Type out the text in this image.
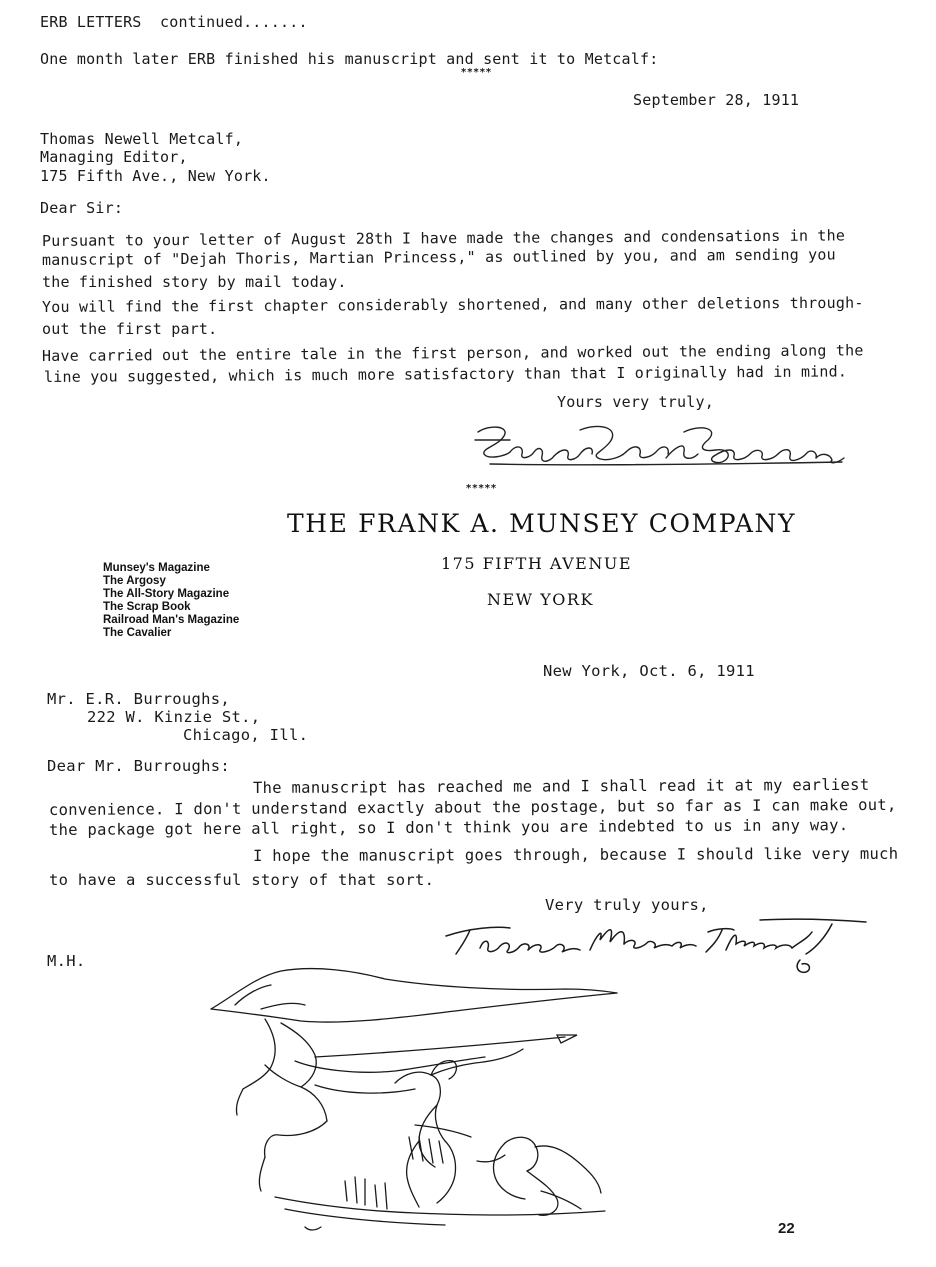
ERB LETTERS  continued.......
One month later ERB finished his manuscript and sent it to Metcalf:
*****
September 28, 1911
Thomas Newell Metcalf,
Managing Editor,
175 Fifth Ave., New York.
Dear Sir:
Pursuant to your letter of August 28th I have made the changes and condensations in the
manuscript of "Dejah Thoris, Martian Princess," as outlined by you, and am sending you
the finished story by mail today.
You will find the first chapter considerably shortened, and many other deletions through-
out the first part.
Have carried out the entire tale in the first person, and worked out the ending along the
line you suggested, which is much more satisfactory than that I originally had in mind.
Yours very truly,
*****
THE FRANK A. MUNSEY COMPANY
175 FIFTH AVENUE
NEW YORK
Munsey's Magazine
The Argosy
The All-Story Magazine
The Scrap Book
Railroad Man's Magazine
The Cavalier
New York, Oct. 6, 1911
Mr. E.R. Burroughs,
222 W. Kinzie St.,
Chicago, Ill.
Dear Mr. Burroughs:
The manuscript has reached me and I shall read it at my earliest
convenience. I don't understand exactly about the postage, but so far as I can make out,
the package got here all right, so I don't think you are indebted to us in any way.
I hope the manuscript goes through, because I should like very much
to have a successful story of that sort.
Very truly yours,
M.H.
22
